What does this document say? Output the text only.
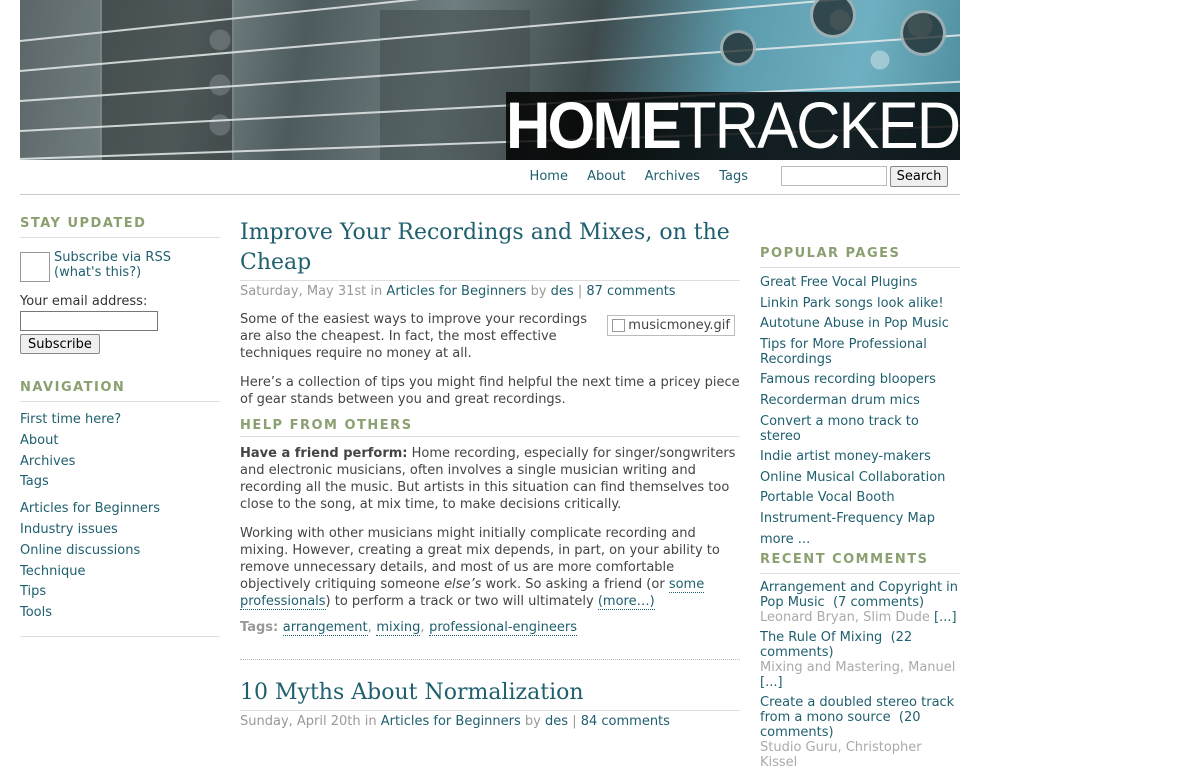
HOMETRACKED
Home About Archives Tags	Search
STAY UPDATED
Subscribe via RSS
(what's this?)
Your email address:
Subscribe
NAVIGATION
First time here?
About
Archives
Tags
Articles for Beginners
Industry issues
Online discussions
Technique
Tips
Tools
Improve Your Recordings and Mixes, on the Cheap
Saturday, May 31st in Articles for Beginners by des | 87 comments
musicmoney.gif

Some of the easiest ways to improve your recordings are also the cheapest. In fact, the most effective techniques require no money at all.

Here’s a collection of tips you might find helpful the next time a pricey piece of gear stands between you and great recordings.

HELP FROM OTHERS

Have a friend perform: Home recording, especially for singer/songwriters and electronic musicians, often involves a single musician writing and recording all the music. But artists in this situation can find themselves too close to the song, at mix time, to make decisions critically.

Working with other musicians might initially complicate recording and mixing. However, creating a great mix depends, in part, on your ability to remove unnecessary details, and most of us are more comfortable objectively critiquing someone else’s work. So asking a friend (or some professionals) to perform a track or two will ultimately (more…)

Tags: arrangement, mixing, professional-engineers
10 Myths About Normalization
Sunday, April 20th in Articles for Beginners by des | 84 comments
POPULAR PAGES
Great Free Vocal Plugins
Linkin Park songs look alike!
Autotune Abuse in Pop Music
Tips for More Professional Recordings
Famous recording bloopers
Recorderman drum mics
Convert a mono track to stereo
Indie artist money-makers
Online Musical Collaboration
Portable Vocal Booth
Instrument-Frequency Map
more ...
RECENT COMMENTS
Arrangement and Copyright in Pop Music (7 comments)
Leonard Bryan, Slim Dude [...]
The Rule Of Mixing (22 comments)
Mixing and Mastering, Manuel [...]
Create a doubled stereo track from a mono source (20 comments)
Studio Guru, Christopher Kissel
